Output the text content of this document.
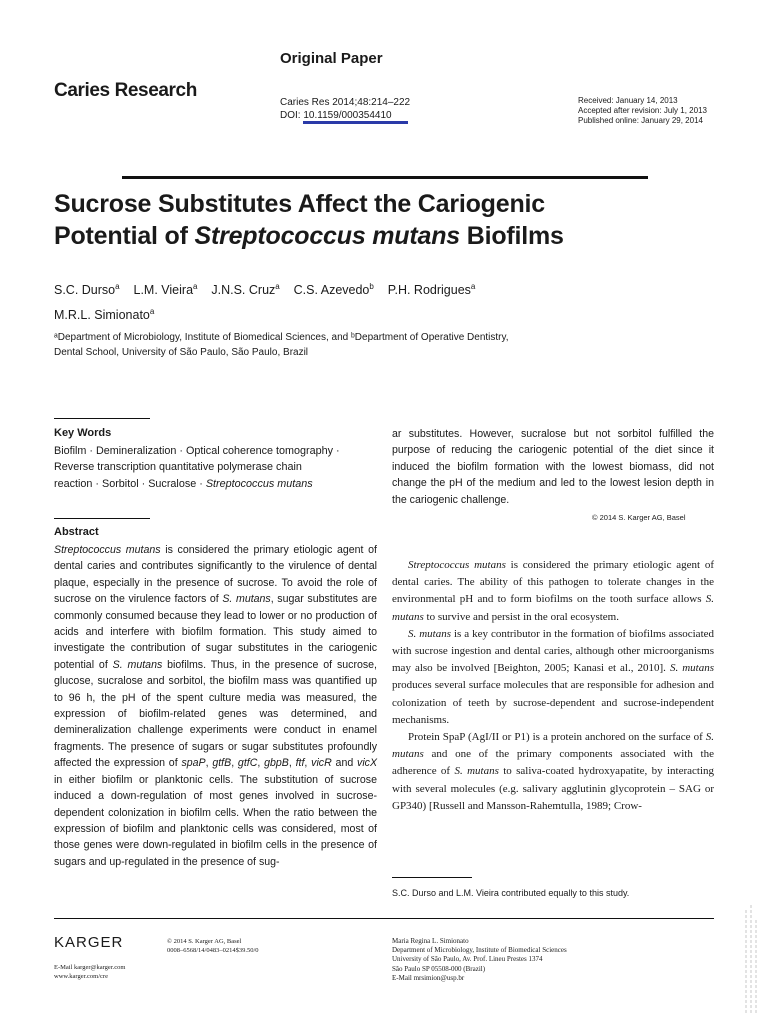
Caries Research
Original Paper
Caries Res 2014;48:214–222
DOI: 10.1159/000354410
Received: January 14, 2013
Accepted after revision: July 1, 2013
Published online: January 29, 2014
Sucrose Substitutes Affect the Cariogenic
Potential of Streptococcus mutans Biofilms
S.C. Durso$^a$ L.M. Vieira$^a$ J.N.S. Cruz$^a$ C.S. Azevedo$^b$ P.H. Rodrigues$^a$
M.R.L. Simionato$^a$
ᵃDepartment of Microbiology, Institute of Biomedical Sciences, and ᵇDepartment of Operative Dentistry,
Dental School, University of São Paulo, São Paulo, Brazil
Key Words
Biofilm · Demineralization · Optical coherence tomography ·
Reverse transcription quantitative polymerase chain
reaction · Sorbitol · Sucralose · Streptococcus mutans
Abstract
Streptococcus mutans is considered the primary etiologic agent of dental caries and contributes significantly to the virulence of dental plaque, especially in the presence of sucrose. To avoid the role of sucrose on the virulence factors of S. mutans, sugar substitutes are commonly consumed because they lead to lower or no production of acids and interfere with biofilm formation. This study aimed to investigate the contribution of sugar substitutes in the cariogenic potential of S. mutans biofilms. Thus, in the presence of sucrose, glucose, sucralose and sorbitol, the biofilm mass was quantified up to 96 h, the pH of the spent culture media was measured, the expression of biofilm-related genes was determined, and demineralization challenge experiments were conduct in enamel fragments. The presence of sugars or sugar substitutes profoundly affected the expression of spaP, gtfB, gtfC, gbpB, ftf, vicR and vicX in either biofilm or planktonic cells. The substitution of sucrose induced a down-regulation of most genes involved in sucrose-dependent colonization in biofilm cells. When the ratio between the expression of biofilm and planktonic cells was considered, most of those genes were down-regulated in biofilm cells in the presence of sugars and up-regulated in the presence of sug-
ar substitutes. However, sucralose but not sorbitol fulfilled the purpose of reducing the cariogenic potential of the diet since it induced the biofilm formation with the lowest biomass, did not change the pH of the medium and led to the lowest lesion depth in the cariogenic challenge.
© 2014 S. Karger AG, Basel

Streptococcus mutans is considered the primary etiologic agent of dental caries. The ability of this pathogen to tolerate changes in the environmental pH and to form biofilms on the tooth surface allows S. mutans to survive and persist in the oral ecosystem.

S. mutans is a key contributor in the formation of biofilms associated with sucrose ingestion and dental caries, although other microorganisms may also be involved [Beighton, 2005; Kanasi et al., 2010]. S. mutans produces several surface molecules that are responsible for adhesion and colonization of teeth by sucrose-dependent and sucrose-independent mechanisms.

Protein SpaP (AgI/II or P1) is a protein anchored on the surface of S. mutans and one of the primary components associated with the adherence of S. mutans to saliva-coated hydroxyapatite, by interacting with several molecules (e.g. salivary agglutinin glycoprotein – SAG or GP340) [Russell and Mansson-Rahemtulla, 1989; Crow-

S.C. Durso and L.M. Vieira contributed equally to this study.
KARGER	© 2014 S. Karger AG, Basel
0008–6568/14/0483–0214$39.50/0
E-Mail karger@karger.com
www.karger.com/cre
Maria Regina L. Simionato
Department of Microbiology, Institute of Biomedical Sciences
University of São Paulo, Av. Prof. Lineu Prestes 1374
São Paulo SP 05508-000 (Brazil)
E-Mail mrsimion@usp.br
